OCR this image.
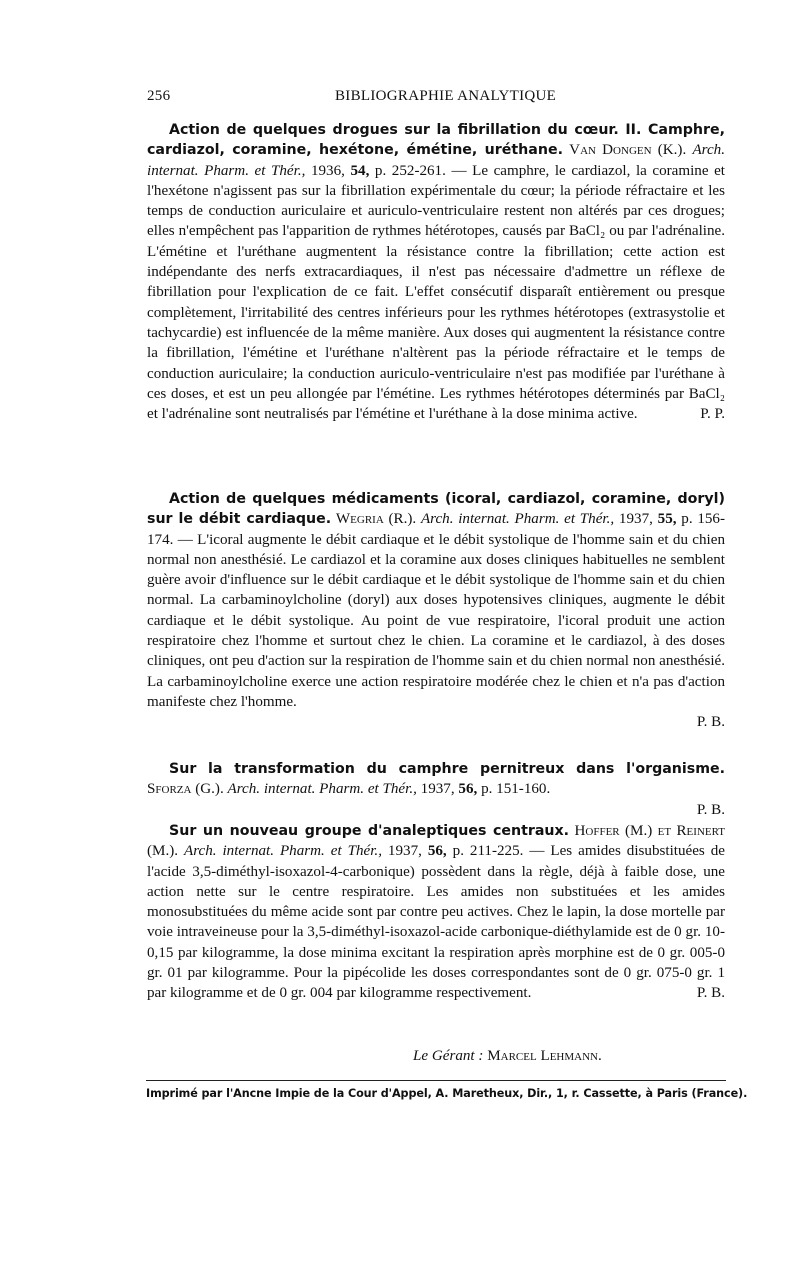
256	BIBLIOGRAPHIE ANALYTIQUE
Action de quelques drogues sur la fibrillation du cœur. II. Camphre, cardiazol, coramine, hexétone, émétine, uréthane. Van Dongen (K.). Arch. internat. Pharm. et Thér., 1936, 54, p. 252-261. — Le camphre, le cardiazol, la coramine et l'hexétone n'agissent pas sur la fibrillation expérimentale du cœur; la période réfractaire et les temps de conduction auriculaire et auriculo-ventriculaire restent non altérés par ces drogues; elles n'empêchent pas l'apparition de rythmes hétérotopes, causés par BaCl₂ ou par l'adrénaline. L'émétine et l'uréthane augmentent la résistance contre la fibrillation; cette action est indépendante des nerfs extracardiaques, il n'est pas nécessaire d'admettre un réflexe de fibrillation pour l'explication de ce fait. L'effet consécutif disparaît entièrement ou presque complètement, l'irritabilité des centres inférieurs pour les rythmes hétérotopes (extrasystolie et tachycardie) est influencée de la même manière. Aux doses qui augmentent la résistance contre la fibrillation, l'émétine et l'uréthane n'altèrent pas la période réfractaire et le temps de conduction auriculaire; la conduction auriculo-ventriculaire n'est pas modifiée par l'uréthane à ces doses, et est un peu allongée par l'émétine. Les rythmes hétérotopes déterminés par BaCl₂ et l'adrénaline sont neutralisés par l'émétine et l'uréthane à la dose minima active.	P. P.
Action de quelques médicaments (icoral, cardiazol, coramine, doryl) sur le débit cardiaque. Wegria (R.). Arch. internat. Pharm. et Thér., 1937, 55, p. 156-174. — L'icoral augmente le débit cardiaque et le débit systolique de l'homme sain et du chien normal non anesthésié. Le cardiazol et la coramine aux doses cliniques habituelles ne semblent guère avoir d'influence sur le débit cardiaque et le débit systolique de l'homme sain et du chien normal. La carbaminoylcholine (doryl) aux doses hypotensives cliniques, augmente le débit cardiaque et le débit systolique. Au point de vue respiratoire, l'icoral produit une action respiratoire chez l'homme et surtout chez le chien. La coramine et le cardiazol, à des doses cliniques, ont peu d'action sur la respiration de l'homme sain et du chien normal non anesthésié. La carbaminoylcholine exerce une action respiratoire modérée chez le chien et n'a pas d'action manifeste chez l'homme.
P. B.
Sur la transformation du camphre pernitreux dans l'organisme. Sforza (G.). Arch. internat. Pharm. et Thér., 1937, 56, p. 151-160.
P. B.
Sur un nouveau groupe d'analeptiques centraux. Hoffer (M.) et Reinert (M.). Arch. internat. Pharm. et Thér., 1937, 56, p. 211-225. — Les amides disubstituées de l'acide 3,5-diméthyl-isoxazol-4-carbonique) possèdent dans la règle, déjà à faible dose, une action nette sur le centre respiratoire. Les amides non substituées et les amides monosubstituées du même acide sont par contre peu actives. Chez le lapin, la dose mortelle par voie intraveineuse pour la 3,5-diméthyl-isoxazol-acide carbonique-diéthylamide est de 0 gr. 10-0,15 par kilogramme, la dose minima excitant la respiration après morphine est de 0 gr. 005-0 gr. 01 par kilogramme. Pour la pipécolide les doses correspondantes sont de 0 gr. 075-0 gr. 1 par kilogramme et de 0 gr. 004 par kilogramme respectivement.	P. B.
Le Gérant : Marcel Lehmann.
Imprimé par l'Ancne Impie de la Cour d'Appel, A. Maretheux, Dir., 1, r. Cassette, à Paris (France).
